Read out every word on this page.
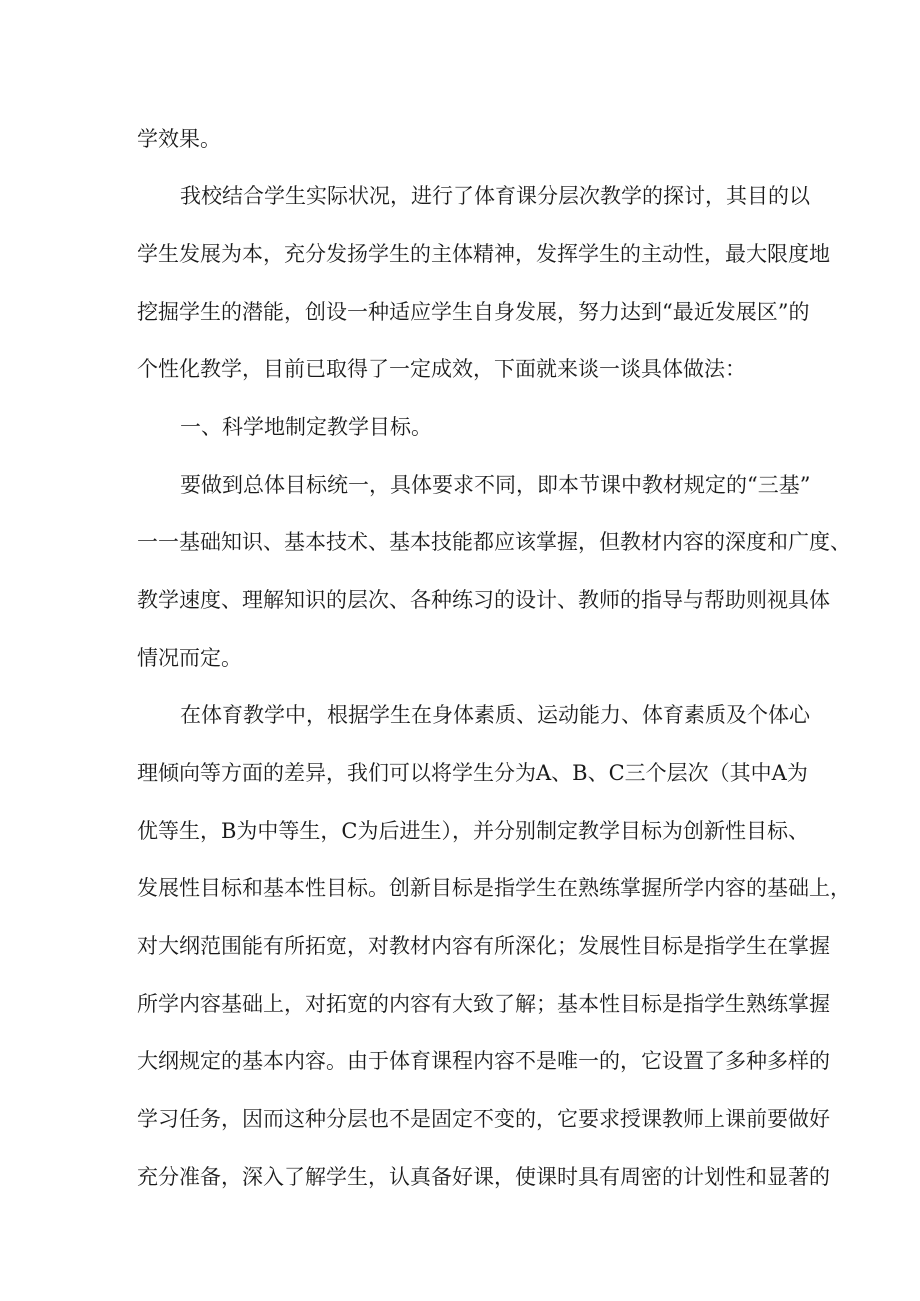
学效果。
我校结合学生实际状况，进行了体育课分层次教学的探讨，其目的以
学生发展为本，充分发扬学生的主体精神，发挥学生的主动性，最大限度地
挖掘学生的潜能，创设一种适应学生自身发展，努力达到“最近发展区”的
个性化教学，目前已取得了一定成效，下面就来谈一谈具体做法：
一、科学地制定教学目标。
要做到总体目标统一，具体要求不同，即本节课中教材规定的“三基”
一一基础知识、基本技术、基本技能都应该掌握，但教材内容的深度和广度、
教学速度、理解知识的层次、各种练习的设计、教师的指导与帮助则视具体
情况而定。
在体育教学中，根据学生在身体素质、运动能力、体育素质及个体心
理倾向等方面的差异，我们可以将学生分为A、B、C三个层次（其中A为
优等生，B为中等生，C为后进生），并分别制定教学目标为创新性目标、
发展性目标和基本性目标。创新目标是指学生在熟练掌握所学内容的基础上，
对大纲范围能有所拓宽，对教材内容有所深化；发展性目标是指学生在掌握
所学内容基础上，对拓宽的内容有大致了解；基本性目标是指学生熟练掌握
大纲规定的基本内容。由于体育课程内容不是唯一的，它设置了多种多样的
学习任务，因而这种分层也不是固定不变的，它要求授课教师上课前要做好
充分准备，深入了解学生，认真备好课，使课时具有周密的计划性和显著的
